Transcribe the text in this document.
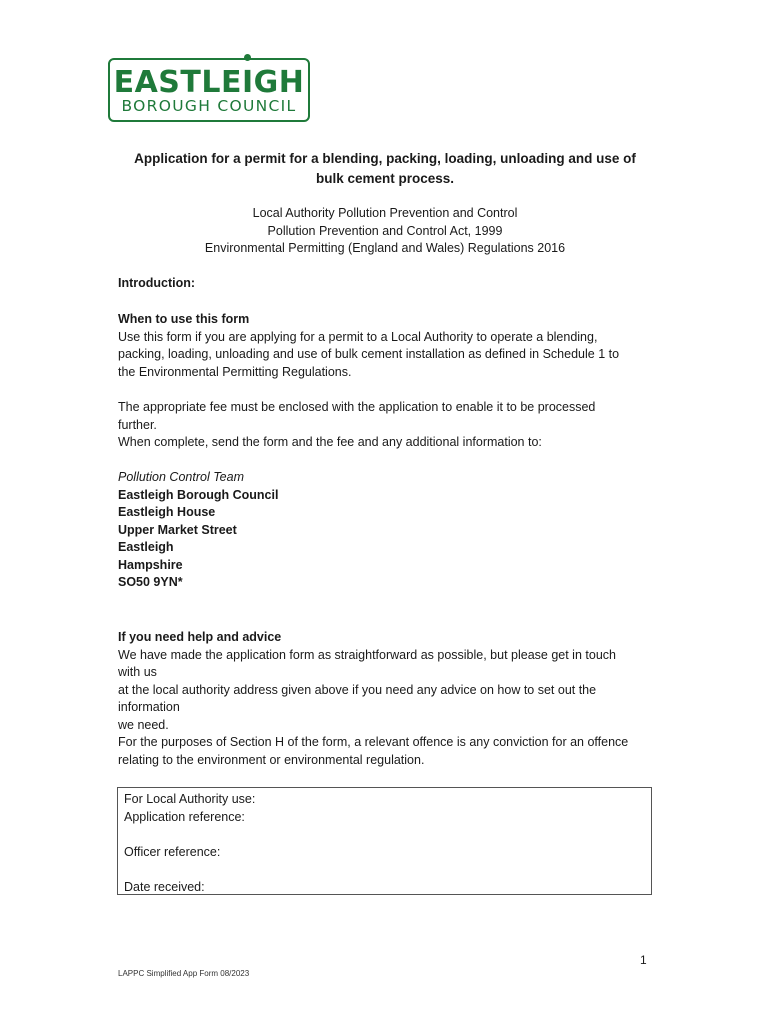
EASTLEIGH
BOROUGH COUNCIL
Application for a permit for a blending, packing, loading, unloading and use of
bulk cement process.
Local Authority Pollution Prevention and Control
Pollution Prevention and Control Act, 1999
Environmental Permitting (England and Wales) Regulations 2016
Introduction:
When to use this form
Use this form if you are applying for a permit to a Local Authority to operate a blending,
packing, loading, unloading and use of bulk cement installation as defined in Schedule 1 to
the Environmental Permitting Regulations.
The appropriate fee must be enclosed with the application to enable it to be processed
further.
When complete, send the form and the fee and any additional information to:
Pollution Control Team
Eastleigh Borough Council
Eastleigh House
Upper Market Street
Eastleigh
Hampshire
SO50 9YN*
If you need help and advice
We have made the application form as straightforward as possible, but please get in touch
with us
at the local authority address given above if you need any advice on how to set out the
information
we need.
For the purposes of Section H of the form, a relevant offence is any conviction for an offence
relating to the environment or environmental regulation.
For Local Authority use:
Application reference:
Officer reference:
Date received:
1
LAPPC Simplified App Form 08/2023
